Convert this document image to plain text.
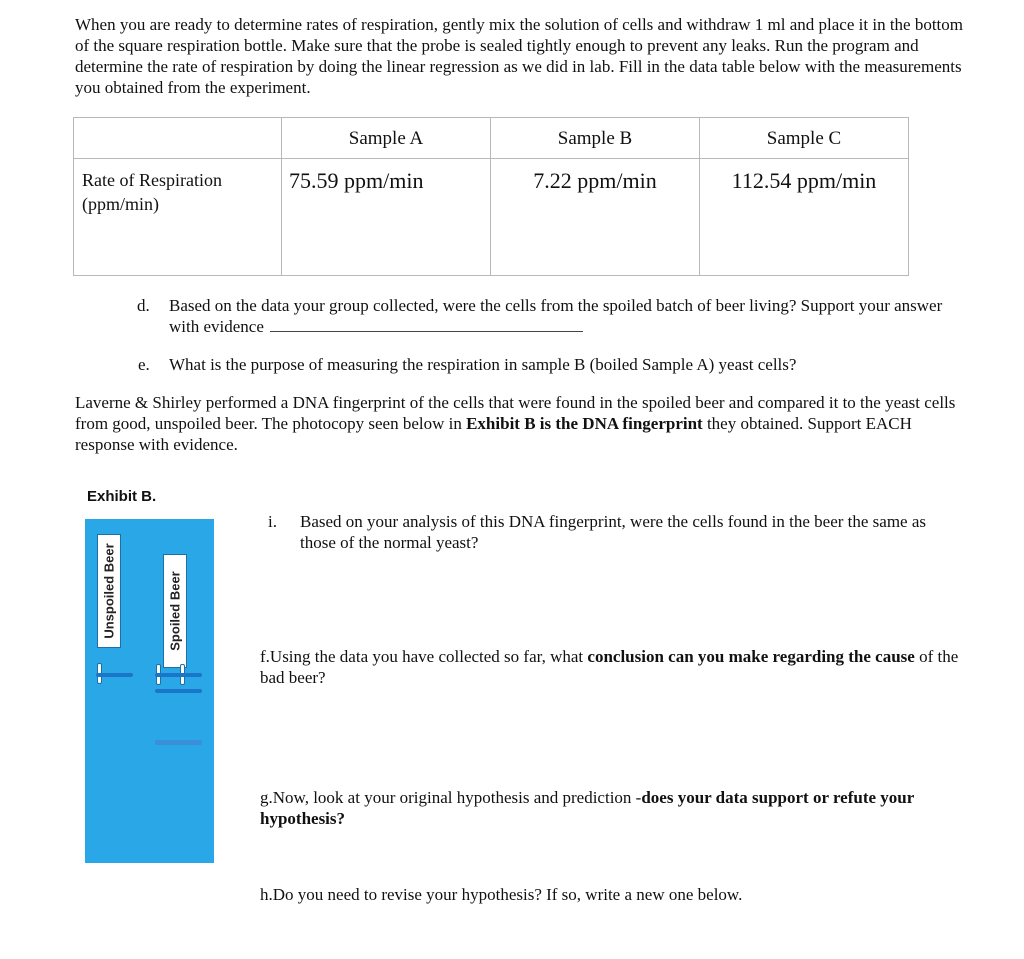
When you are ready to determine rates of respiration, gently mix the solution of cells and withdraw 1 ml and place it in the bottom of the square respiration bottle. Make sure that the probe is sealed tightly enough to prevent any leaks. Run the program and determine the rate of respiration by doing the linear regression as we did in lab. Fill in the data table below with the measurements you obtained from the experiment.

	Sample A	Sample B	Sample C

Rate of Respiration (ppm/min)	75.59 ppm/min	7.22 ppm/min	112.54 ppm/min
d.	Based on the data your group collected, were the cells from the spoiled batch of beer living? Support your answer with evidence
e.	What is the purpose of measuring the respiration in sample B (boiled Sample A) yeast cells?
Laverne & Shirley performed a DNA fingerprint of the cells that were found in the spoiled beer and compared it to the yeast cells from good, unspoiled beer. The photocopy seen below in Exhibit B is the DNA fingerprint they obtained. Support EACH response with evidence.
Exhibit B.
Unspoiled Beer	Spoiled Beer
i.	Based on your analysis of this DNA fingerprint, were the cells found in the beer the same as those of the normal yeast?
f.Using the data you have collected so far, what conclusion can you make regarding the cause of the bad beer?
g.Now, look at your original hypothesis and prediction -does your data support or refute your hypothesis?
h.Do you need to revise your hypothesis? If so, write a new one below.
